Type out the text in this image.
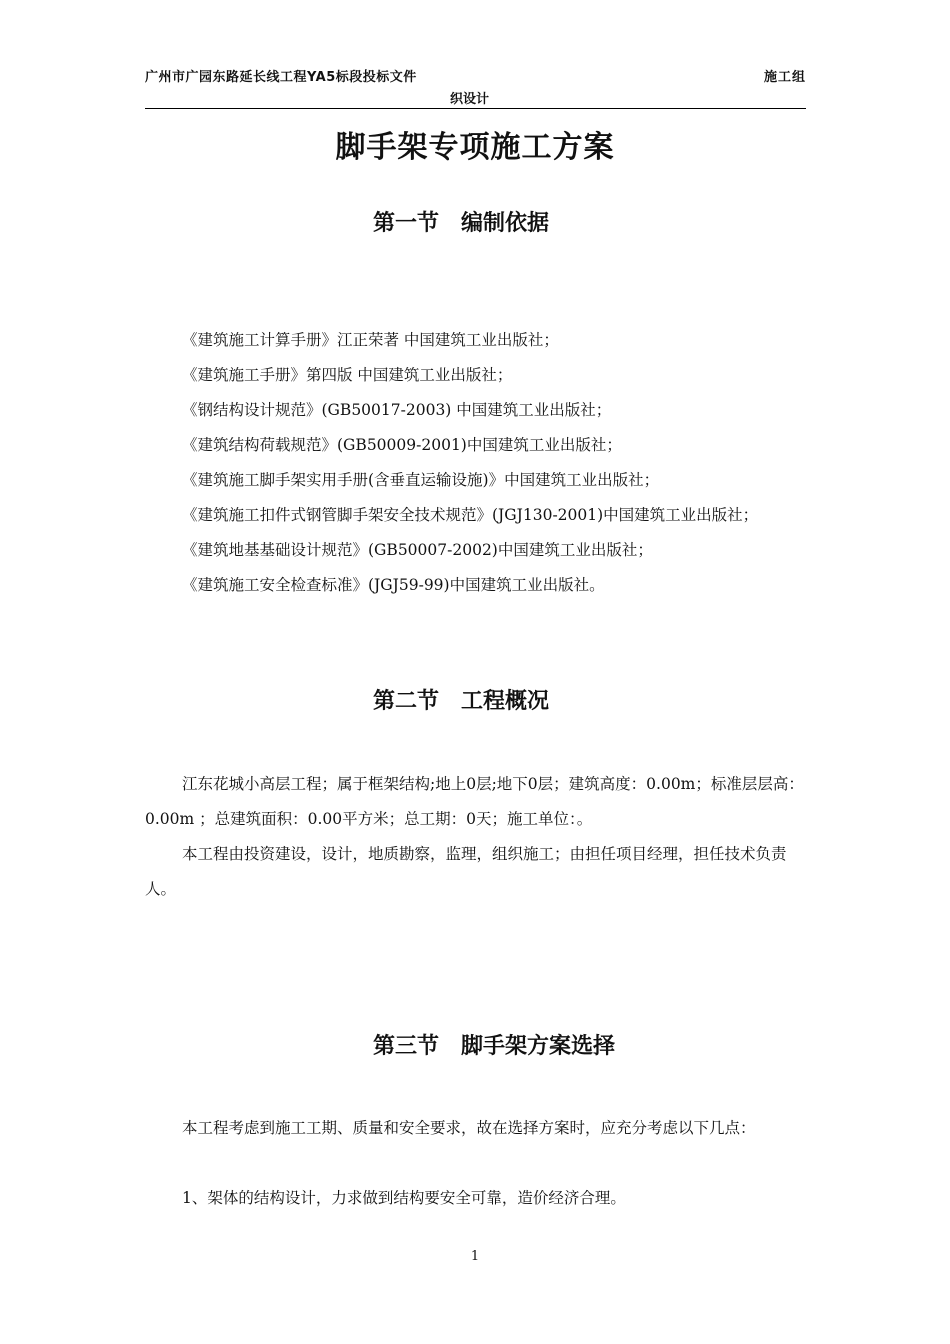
广州市广园东路延长线工程YA5标段投标文件	施工组
织设计
脚手架专项施工方案
第一节　编制依据
《建筑施工计算手册》江正荣著 中国建筑工业出版社；
《建筑施工手册》第四版 中国建筑工业出版社；
《钢结构设计规范》(GB50017-2003) 中国建筑工业出版社；
《建筑结构荷载规范》(GB50009-2001)中国建筑工业出版社；
《建筑施工脚手架实用手册(含垂直运输设施)》中国建筑工业出版社；
《建筑施工扣件式钢管脚手架安全技术规范》(JGJ130-2001)中国建筑工业出版社；
《建筑地基基础设计规范》(GB50007-2002)中国建筑工业出版社；
《建筑施工安全检查标准》(JGJ59-99)中国建筑工业出版社。
第二节　工程概况
江东花城小高层工程；属于框架结构;地上0层;地下0层；建筑高度：0.00m；标准层层高：0.00m ；总建筑面积：0.00平方米；总工期：0天；施工单位：。
本工程由投资建设，设计，地质勘察，监理，组织施工；由担任项目经理，担任技术负责人。
第三节　脚手架方案选择
本工程考虑到施工工期、质量和安全要求，故在选择方案时，应充分考虑以下几点：
1、架体的结构设计，力求做到结构要安全可靠，造价经济合理。
1
